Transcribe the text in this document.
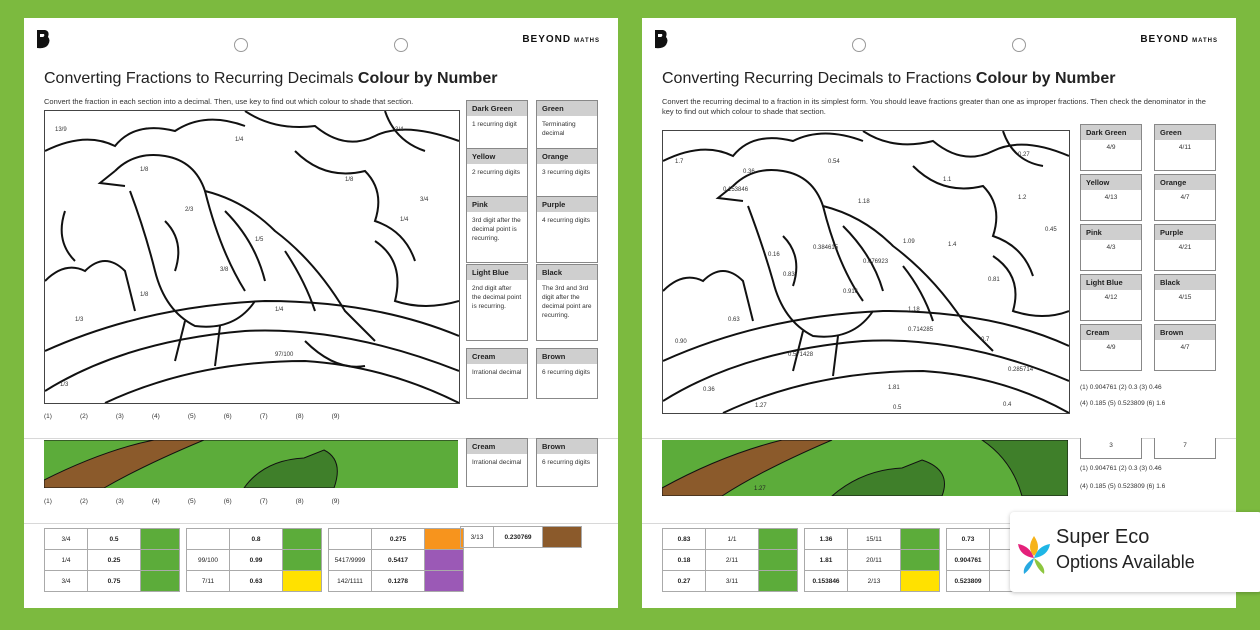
BEYOND MATHS
Converting Fractions to Recurring Decimals Colour by Number
Convert the fraction in each section into a decimal. Then, use key to find out which colour to shade that section.
13/9
1/8
1/4
3/4
1/8
3/4
2/3
1/5
1/4
1/8
3/8
1/4
1/3
1/3
97/100
Dark Green
1 recurring digit
Green
Terminating decimal
Yellow
2 recurring digits
Orange
3 recurring digits
Pink
3rd digit after the decimal point is recurring.
Purple
4 recurring digits
Light Blue
2nd digit after the decimal point is recurring.
Black
The 3rd and 3rd digit after the decimal point are recurring.
Cream
Irrational decimal
Brown
6 recurring digits
(1)	(2)	(3)	(4)	(5)	(6)	(7)	(8)	(9)
Cream
Irrational decimal
Brown
6 recurring digits
(1)	(2)	(3)	(4)	(5)	(6)	(7)	(8)	(9)
3/4	0.5	
1/4	0.25	
3/4	0.75	
	0.8	
99/100	0.99	
7/11	0.63	
	0.275	
5417/9999	0.5417	
142/1111	0.1278	
3/13	0.230769	
BEYOND MATHS
Converting Recurring Decimals to Fractions Colour by Number
Convert the recurring decimal to a fraction in its simplest form. You should leave fractions greater than one as improper fractions. Then check the denominator in the key to find out which colour to shade that section.
1.7
0.36
0.54
1.1
0.27
1.2
0.45
0.153846
1.18
1.09	1.4
0.16
0.384615
0.076923
0.81
0.63
0.83
0.916
1.18
0.714285
0.7
0.285714
0.571428
0.90
1.81
0.36
0.4
1.27	0.5
Dark Green
4/9
Green
4/11
Yellow
4/13
Orange
4/7
Pink
4/3
Purple
4/21
Light Blue
4/12
Black
4/15
Cream
4/9
Brown
4/7
(1) 0.904761 (2) 0.3 (3) 0.46
(4) 0.185 (5) 0.523809 (6) 1.6
1.27
3	7
(1) 0.904761 (2) 0.3 (3) 0.46
(4) 0.185 (5) 0.523809 (6) 1.6
0.83	1/1	
0.18	2/11	
0.27	3/11	
1.36	15/11	
1.81	20/11	
0.153846	2/13	
0.73		
0.904761		
0.523809		
Super Eco
Options Available
